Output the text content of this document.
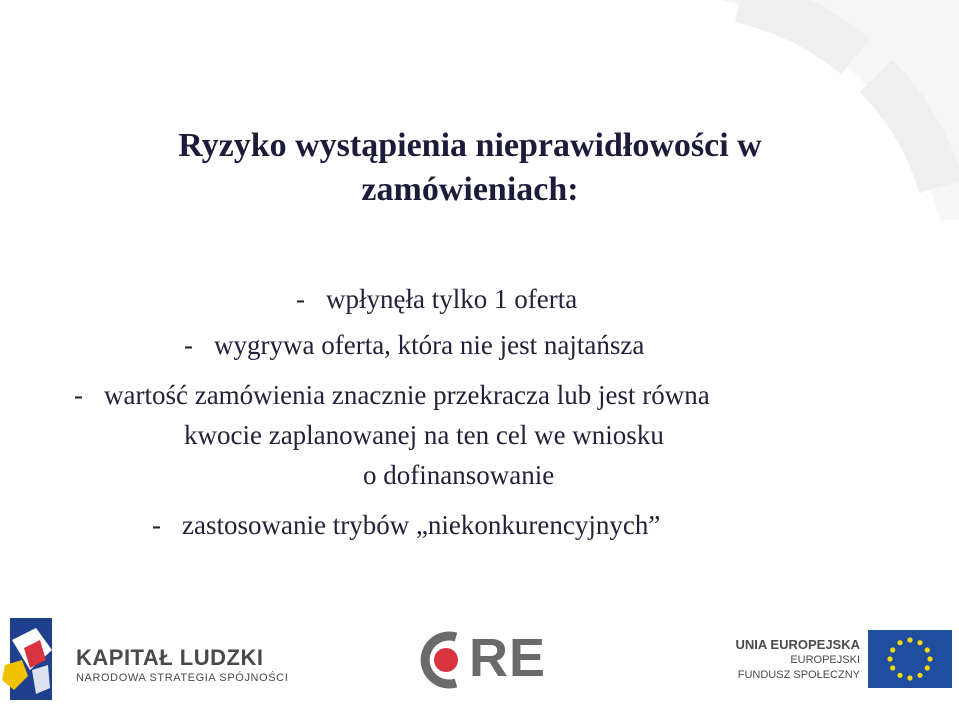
Ryzyko wystąpienia nieprawidłowości w
zamówieniach:
- wpłynęła tylko 1 oferta
- wygrywa oferta, która nie jest najtańsza
- wartość zamówienia znacznie przekracza lub jest równa
kwocie zaplanowanej na ten cel we wniosku
o dofinansowanie
- zastosowanie trybów „niekonkurencyjnych”
KAPITAŁ LUDZKI
NARODOWA STRATEGIA SPÓJNOŚCI	RE	UNIA EUROPEJSKA
EUROPEJSKI
FUNDUSZ SPOŁECZNY
